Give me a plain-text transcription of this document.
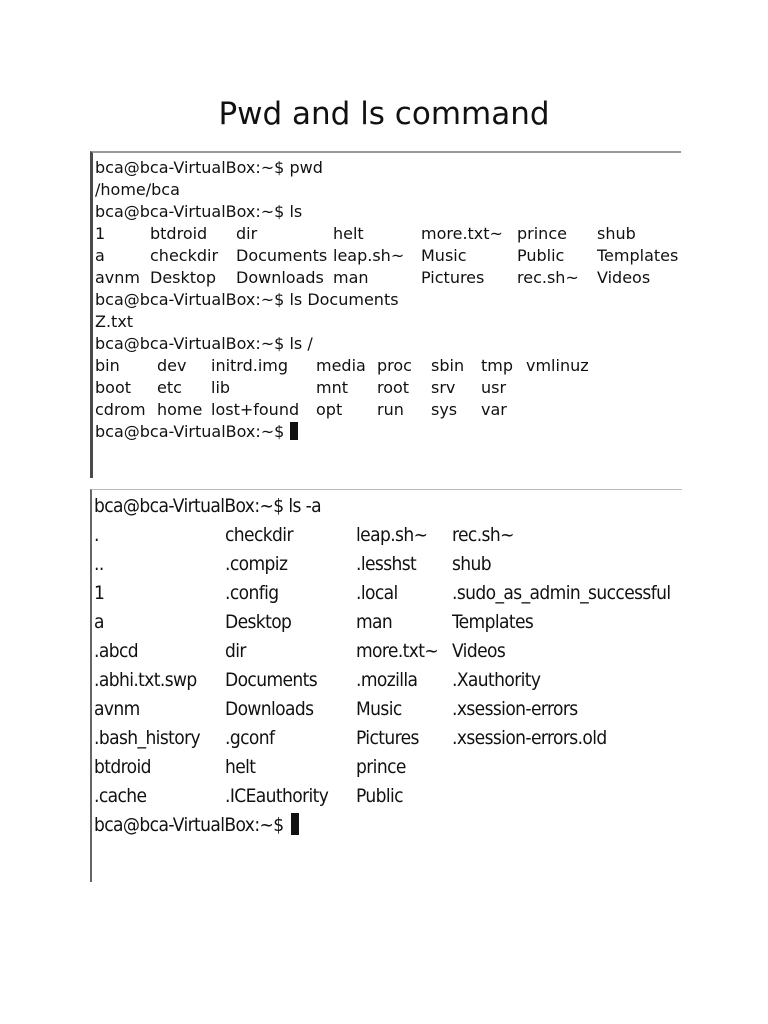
Pwd and ls command
bca@bca-VirtualBox:~$ pwd
/home/bca
bca@bca-VirtualBox:~$ ls
1	btdroid dir	helt	more.txt~ prince shub
a	checkdir Documents leap.sh~ Music	Public Templates
avnm Desktop Downloads man	Pictures rec.sh~ Videos
bca@bca-VirtualBox:~$ ls Documents
Z.txt
bca@bca-VirtualBox:~$ ls /
bin dev initrd.img media proc sbin tmp vmlinuz
boot etc lib	mnt root srv usr
cdrom home lost+found opt run sys var
bca@bca-VirtualBox:~$
bca@bca-VirtualBox:~$ ls -a
.	checkdir	leap.sh~ rec.sh~
..	.compiz	.lesshst shub
1	.config	.local	.sudo_as_admin_successful
a	Desktop	man	Templates
.abcd	dir	more.txt~ Videos
.abhi.txt.swp Documents .mozilla .Xauthority
avnm	Downloads Music	.xsession-errors
.bash_history .gconf	Pictures .xsession-errors.old
btdroid	helt	prince
.cache	.ICEauthority Public
bca@bca-VirtualBox:~$
